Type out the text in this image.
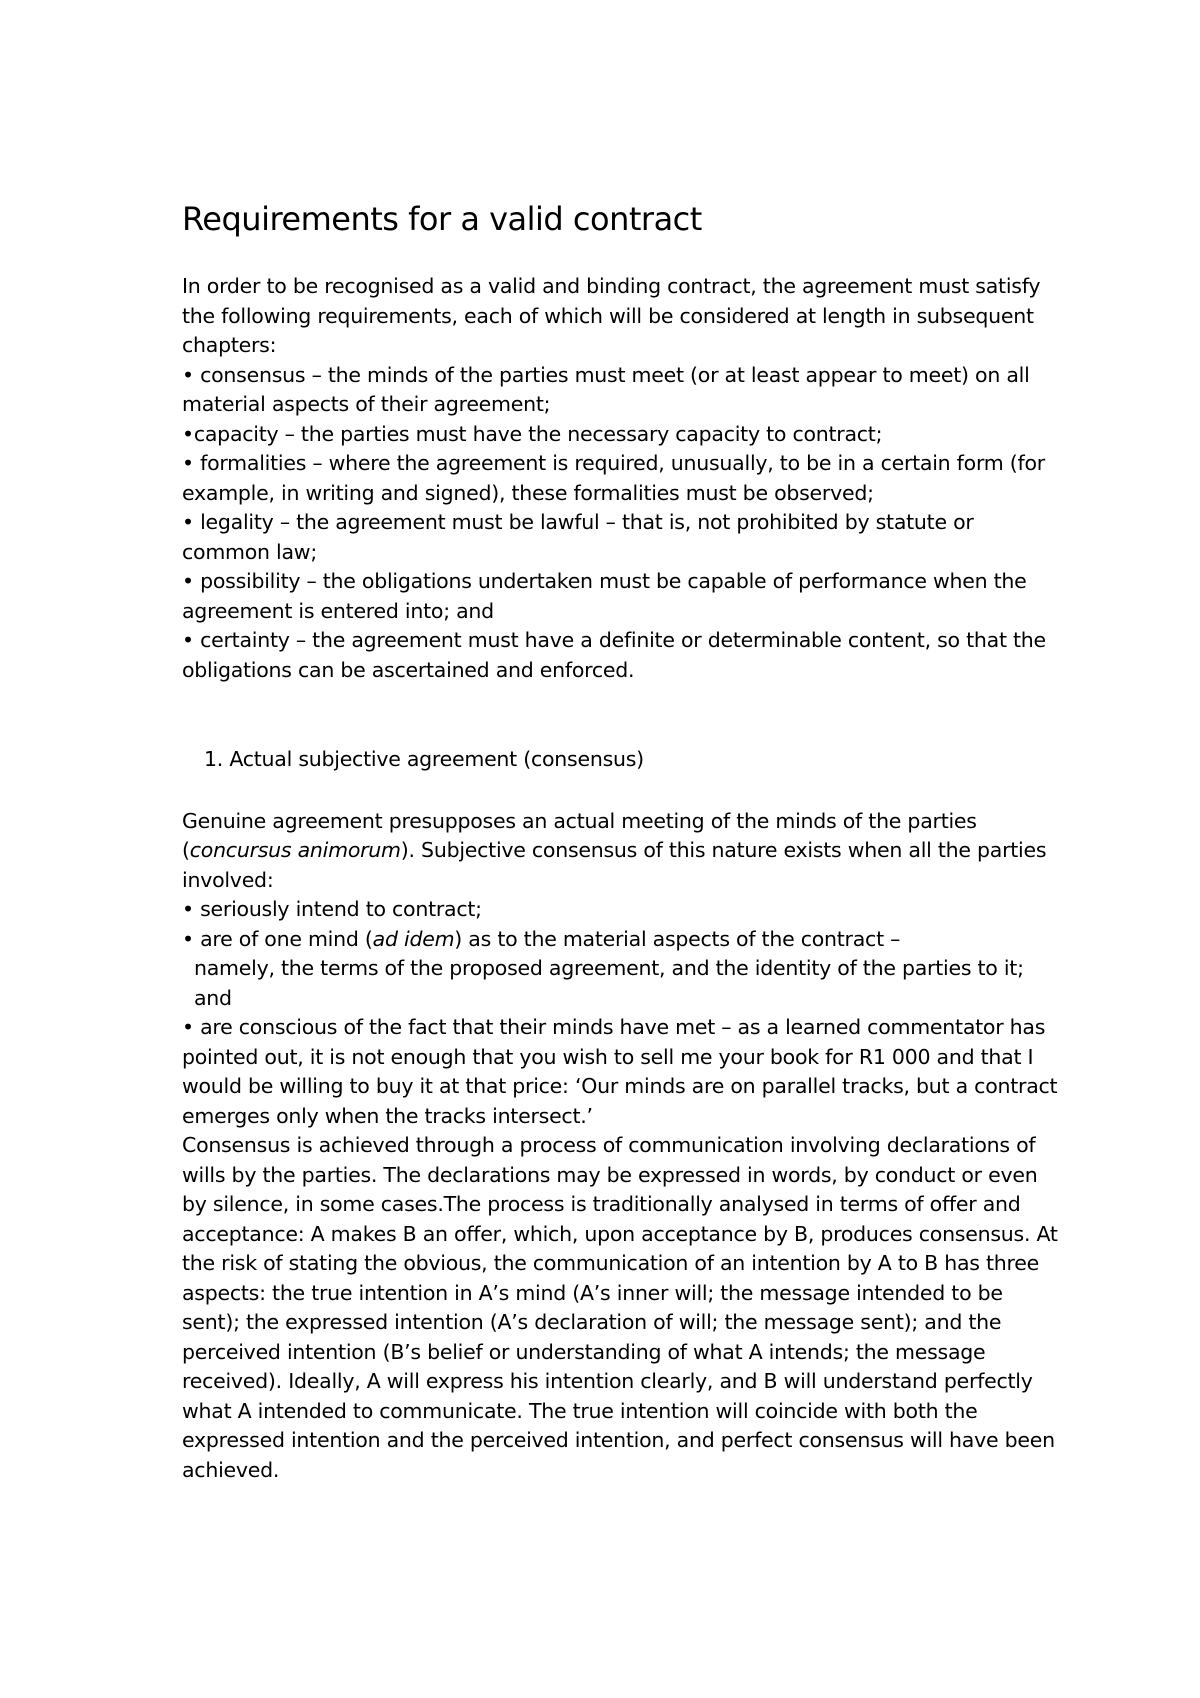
Requirements for a valid contract

In order to be recognised as a valid and binding contract, the agreement must satisfy the following requirements, each of which will be considered at length in subsequent chapters:

• consensus – the minds of the parties must meet (or at least appear to meet) on all material aspects of their agreement;

•capacity – the parties must have the necessary capacity to contract;

• formalities – where the agreement is required, unusually, to be in a certain form (for example, in writing and signed), these formalities must be observed;

• legality – the agreement must be lawful – that is, not prohibited by statute or common law;

• possibility – the obligations undertaken must be capable of performance when the agreement is entered into; and

• certainty – the agreement must have a definite or determinable content, so that the obligations can be ascertained and enforced.

1. Actual subjective agreement (consensus)

Genuine agreement presupposes an actual meeting of the minds of the parties (concursus animorum). Subjective consensus of this nature exists when all the parties involved:

• seriously intend to contract;

• are of one mind (ad idem) as to the material aspects of the contract –
namely, the terms of the proposed agreement, and the identity of the parties to it; and

• are conscious of the fact that their minds have met – as a learned commentator has pointed out, it is not enough that you wish to sell me your book for R1 000 and that I would be willing to buy it at that price: ‘Our minds are on parallel tracks, but a contract emerges only when the tracks intersect.’

Consensus is achieved through a process of communication involving declarations of wills by the parties. The declarations may be expressed in words, by conduct or even by silence, in some cases.The process is traditionally analysed in terms of offer and acceptance: A makes B an offer, which, upon acceptance by B, produces consensus. At the risk of stating the obvious, the communication of an intention by A to B has three aspects: the true intention in A’s mind (A’s inner will; the message intended to be sent); the expressed intention (A’s declaration of will; the message sent); and the perceived intention (B’s belief or understanding of what A intends; the message received). Ideally, A will express his intention clearly, and B will understand perfectly what A intended to communicate. The true intention will coincide with both the expressed intention and the perceived intention, and perfect consensus will have been achieved.
